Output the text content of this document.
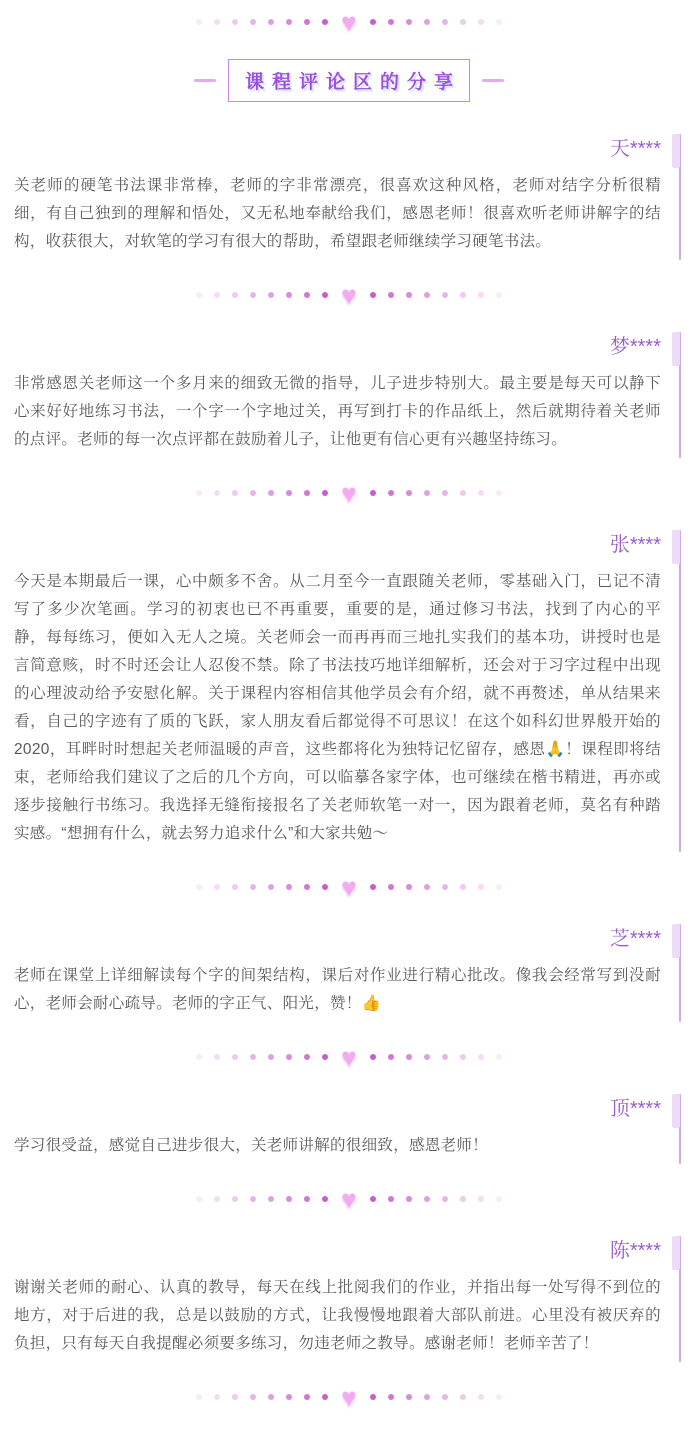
♥
课程评论区的分享
天****

关老师的硬笔书法课非常棒，老师的字非常漂亮，很喜欢这种风格，老师对结字分析很精细，有自己独到的理解和悟处，又无私地奉献给我们，感恩老师！很喜欢听老师讲解字的结构，收获很大，对软笔的学习有很大的帮助，希望跟老师继续学习硬笔书法。

♥
梦****

非常感恩关老师这一个多月来的细致无微的指导，儿子进步特别大。最主要是每天可以静下心来好好地练习书法，一个字一个字地过关，再写到打卡的作品纸上，然后就期待着关老师的点评。老师的每一次点评都在鼓励着儿子，让他更有信心更有兴趣坚持练习。

♥
张****

今天是本期最后一课，心中颇多不舍。从二月至今一直跟随关老师，零基础入门，已记不清写了多少次笔画。学习的初衷也已不再重要，重要的是，通过修习书法，找到了内心的平静，每每练习，便如入无人之境。关老师会一而再再而三地扎实我们的基本功，讲授时也是言简意赅，时不时还会让人忍俊不禁。除了书法技巧地详细解析，还会对于习字过程中出现的心理波动给予安慰化解。关于课程内容相信其他学员会有介绍，就不再赘述，单从结果来看，自己的字迹有了质的飞跃，家人朋友看后都觉得不可思议！在这个如科幻世界般开始的2020，耳畔时时想起关老师温暖的声音，这些都将化为独特记忆留存，感恩🙏！课程即将结束，老师给我们建议了之后的几个方向，可以临摹各家字体，也可继续在楷书精进，再亦或逐步接触行书练习。我选择无缝衔接报名了关老师软笔一对一，因为跟着老师，莫名有种踏实感。“想拥有什么，就去努力追求什么”和大家共勉～

♥
芝****

老师在课堂上详细解读每个字的间架结构，课后对作业进行精心批改。像我会经常写到没耐心，老师会耐心疏导。老师的字正气、阳光，赞！👍

♥
顶****

学习很受益，感觉自己进步很大，关老师讲解的很细致，感恩老师！

♥
陈****

谢谢关老师的耐心、认真的教导，每天在线上批阅我们的作业，并指出每一处写得不到位的地方，对于后进的我，总是以鼓励的方式，让我慢慢地跟着大部队前进。心里没有被厌弃的负担，只有每天自我提醒必须要多练习，勿违老师之教导。感谢老师！老师辛苦了！

♥
